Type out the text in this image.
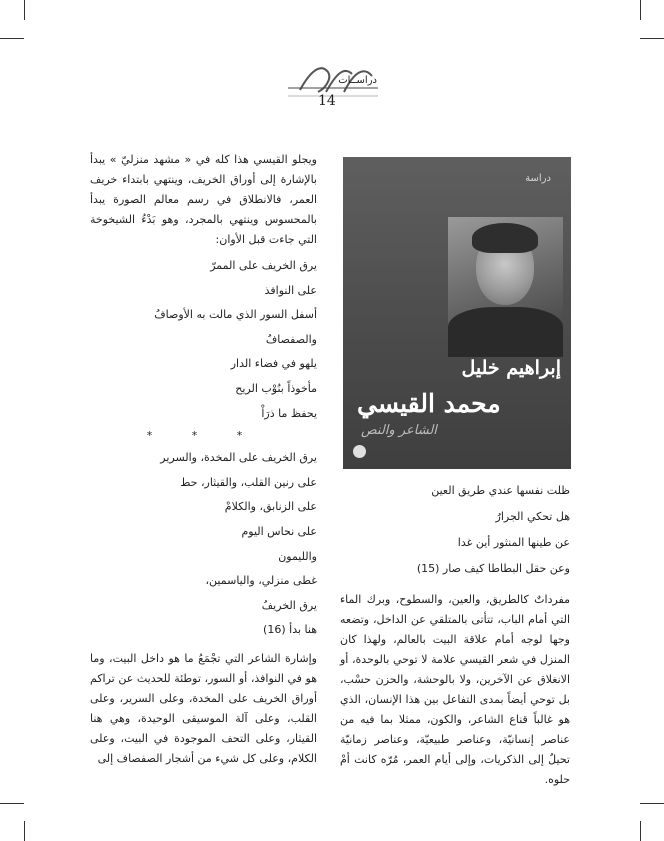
دراســات
14

ويجلو القيسي هذا كله في « مشهد منزليّ » يبدأ بالإشارة إلى أوراق الخريف، وينتهي بابتداء خريف العمر، فالانطلاق في رسم معالم الصورة يبدأ بالمحسوس وينتهي بالمجرد، وهو بَدْءُ الشيخوخة التي جاءت قبل الأوان:

يرق الخريف على الممرّ

على النوافذ

أسفل السور الذي مالت به الأوصافُ

والصفصافُ

يلهو في فضاء الدار

مأخوذاً بنُوْب الريح

يحفظ ما ذرَاْ

* * *

يرق الخريف على المخدة، والسرير

على رنين القلب، والقيثار، حط

على الزنابق، والكلامْ

على نحاس اليوم

والليمون

غطى منزلي، والياسمين،

يرق الخريفُ

هنا بدأ (16)

وإشارة الشاعر التي تجْمَعُ ما هو داخل البيت، وما هو في النوافذ، أو السور، توطئة للحديث عن تراكم أوراق الخريف على المخدة، وعلى السرير، وعلى القلب، وعلى آلة الموسيقى الوحيدة، وهي هنا القيثار، وعلى التحف الموجودة في البيت، وعلى الكلام، وعلى كل شيء من أشجار الصفصاف إلى

دراسة
إبراهيم خليل
محمد القيسي
الشاعر والنص

ظلت نفسها عندي طريق العين

هل تحكي الجرارُ

عن طينها المنثور أين غدا

وعن حقل البطاطا كيف صار (15)

مفرداتٌ كالطريق، والعين، والسطوح، وبرك الماء التي أمام الباب، تتأتى بالمتلقي عن الداخل، وتضعه وجها لوجه أمام علاقة البيت بالعالم، ولهذا كان المنزل في شعر القيسي علامة لا توحي بالوحدة، أو الانغلاق عن الآخرين، ولا بالوحشة، والحزن حسْب، بل توحي أيضاً بمدى التفاعل بين هذا الإنسان، الذي هو غالباً قناع الشاعر، والكون، ممثلا بما فيه من عناصر إنسانيّة، وعناصر طبيعيّة، وعناصر زمانيّة تحيلُ إلى الذكريات، وإلى أيام العمر، مُرّه كانت أمْ حلوه.
